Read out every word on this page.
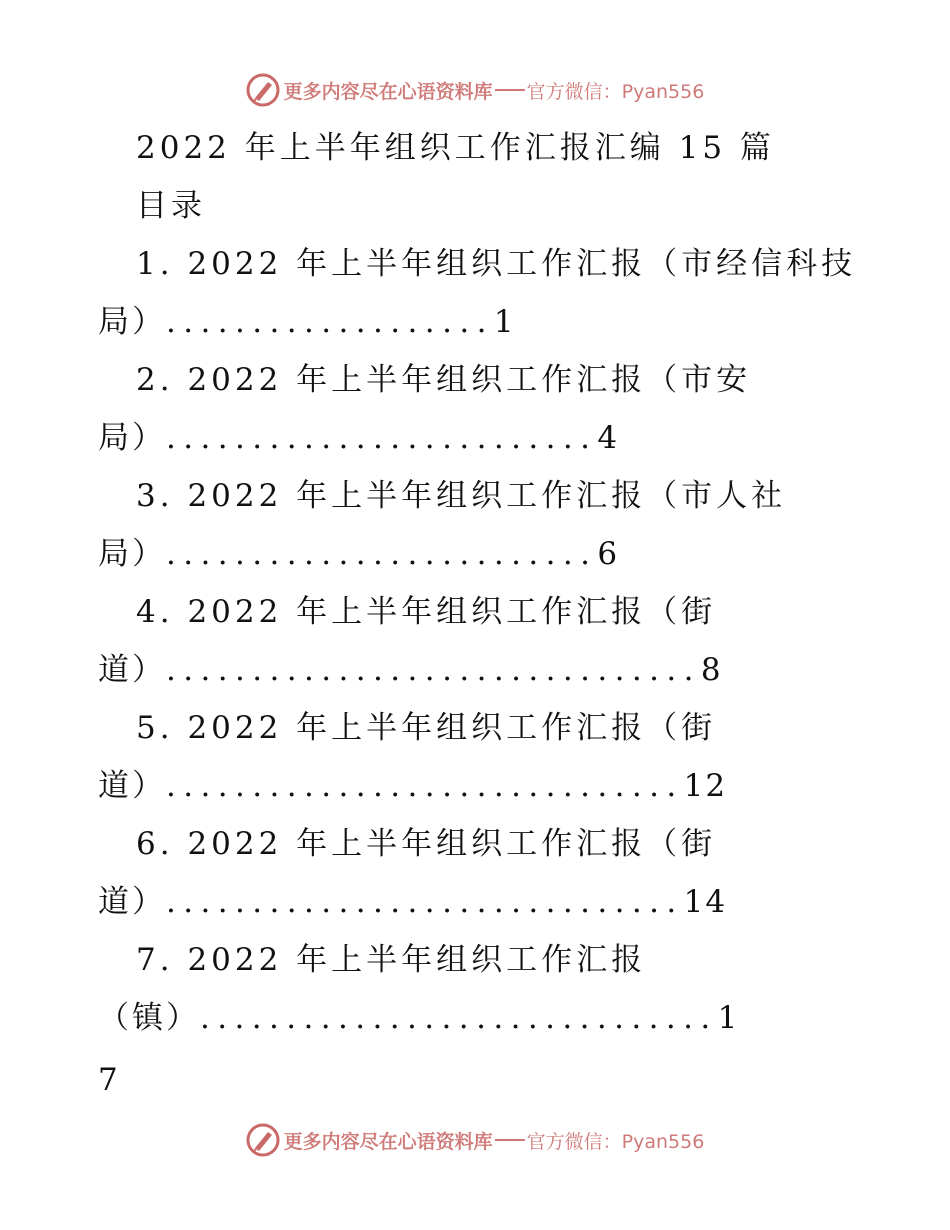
更多内容尽在心语资料库 官方微信：Pyan556
2022 年上半年组织工作汇报汇编 15 篇
目录
1. 2022 年上半年组织工作汇报（市经信科技
局）...................1
2. 2022 年上半年组织工作汇报（市安
局）.........................4
3. 2022 年上半年组织工作汇报（市人社
局）.........................6
4. 2022 年上半年组织工作汇报（街
道）...............................8
5. 2022 年上半年组织工作汇报（街
道）..............................12
6. 2022 年上半年组织工作汇报（街
道）..............................14
7. 2022 年上半年组织工作汇报
（镇）..............................1
7
更多内容尽在心语资料库 官方微信：Pyan556
